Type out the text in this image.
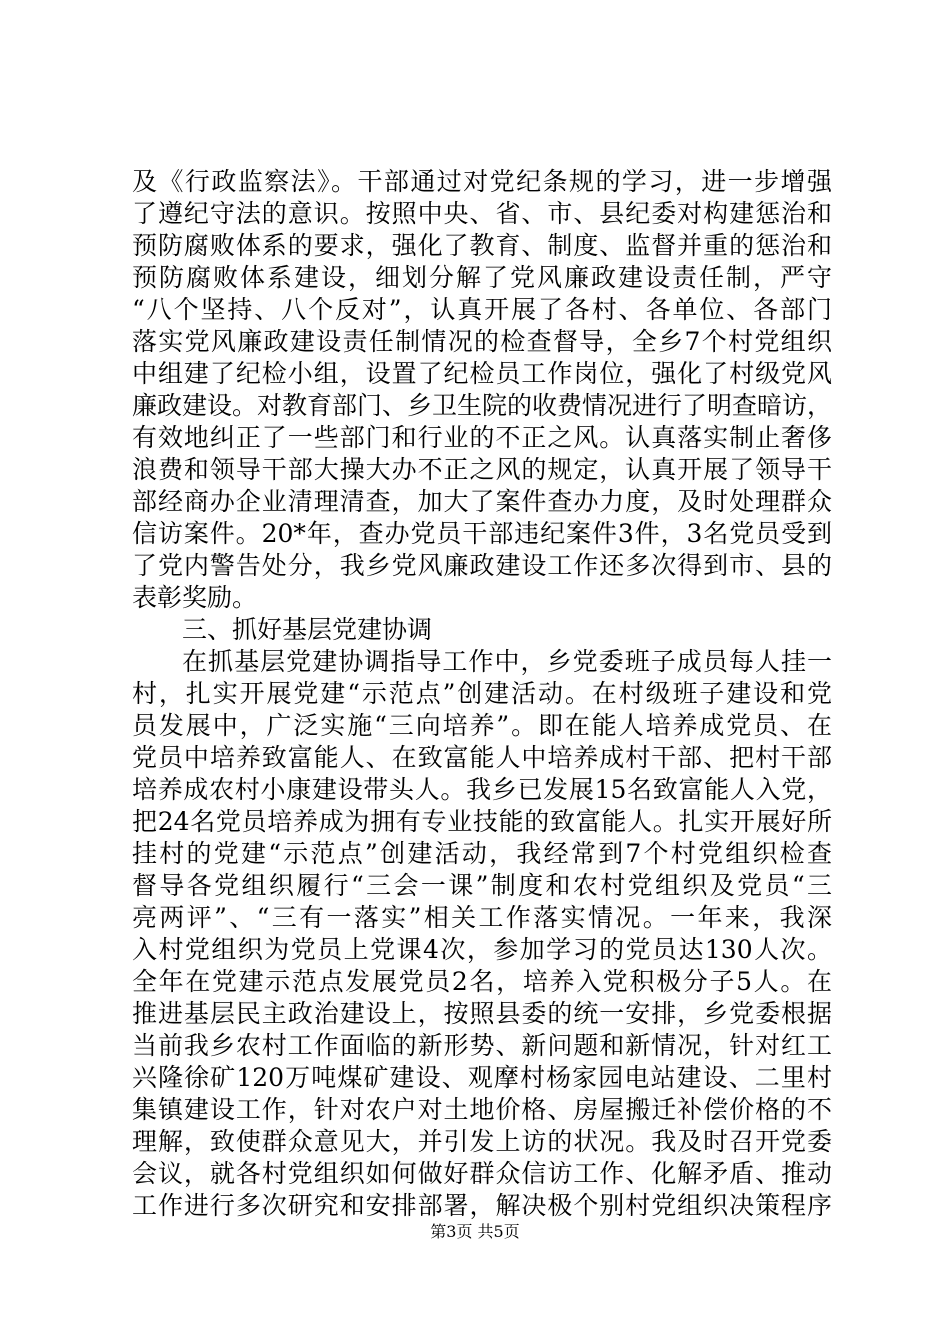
及《行政监察法》。干部通过对党纪条规的学习，进一步增强
了遵纪守法的意识。按照中央、省、市、县纪委对构建惩治和
预防腐败体系的要求，强化了教育、制度、监督并重的惩治和
预防腐败体系建设，细划分解了党风廉政建设责任制，严守
“八个坚持、八个反对”，认真开展了各村、各单位、各部门
落实党风廉政建设责任制情况的检查督导，全乡7个村党组织
中组建了纪检小组，设置了纪检员工作岗位，强化了村级党风
廉政建设。对教育部门、乡卫生院的收费情况进行了明查暗访，
有效地纠正了一些部门和行业的不正之风。认真落实制止奢侈
浪费和领导干部大操大办不正之风的规定，认真开展了领导干
部经商办企业清理清查，加大了案件查办力度，及时处理群众
信访案件。20*年，查办党员干部违纪案件3件，3名党员受到
了党内警告处分，我乡党风廉政建设工作还多次得到市、县的
表彰奖励。
三、抓好基层党建协调
在抓基层党建协调指导工作中，乡党委班子成员每人挂一
村，扎实开展党建“示范点”创建活动。在村级班子建设和党
员发展中，广泛实施“三向培养”。即在能人培养成党员、在
党员中培养致富能人、在致富能人中培养成村干部、把村干部
培养成农村小康建设带头人。我乡已发展15名致富能人入党，
把24名党员培养成为拥有专业技能的致富能人。扎实开展好所
挂村的党建“示范点”创建活动，我经常到7个村党组织检查
督导各党组织履行“三会一课”制度和农村党组织及党员“三
亮两评”、“三有一落实”相关工作落实情况。一年来，我深
入村党组织为党员上党课4次，参加学习的党员达130人次。
全年在党建示范点发展党员2名，培养入党积极分子5人。在
推进基层民主政治建设上，按照县委的统一安排，乡党委根据
当前我乡农村工作面临的新形势、新问题和新情况，针对红工
兴隆徐矿120万吨煤矿建设、观摩村杨家园电站建设、二里村
集镇建设工作，针对农户对土地价格、房屋搬迁补偿价格的不
理解，致使群众意见大，并引发上访的状况。我及时召开党委
会议，就各村党组织如何做好群众信访工作、化解矛盾、推动
工作进行多次研究和安排部署，解决极个别村党组织决策程序
第3页 共5页
